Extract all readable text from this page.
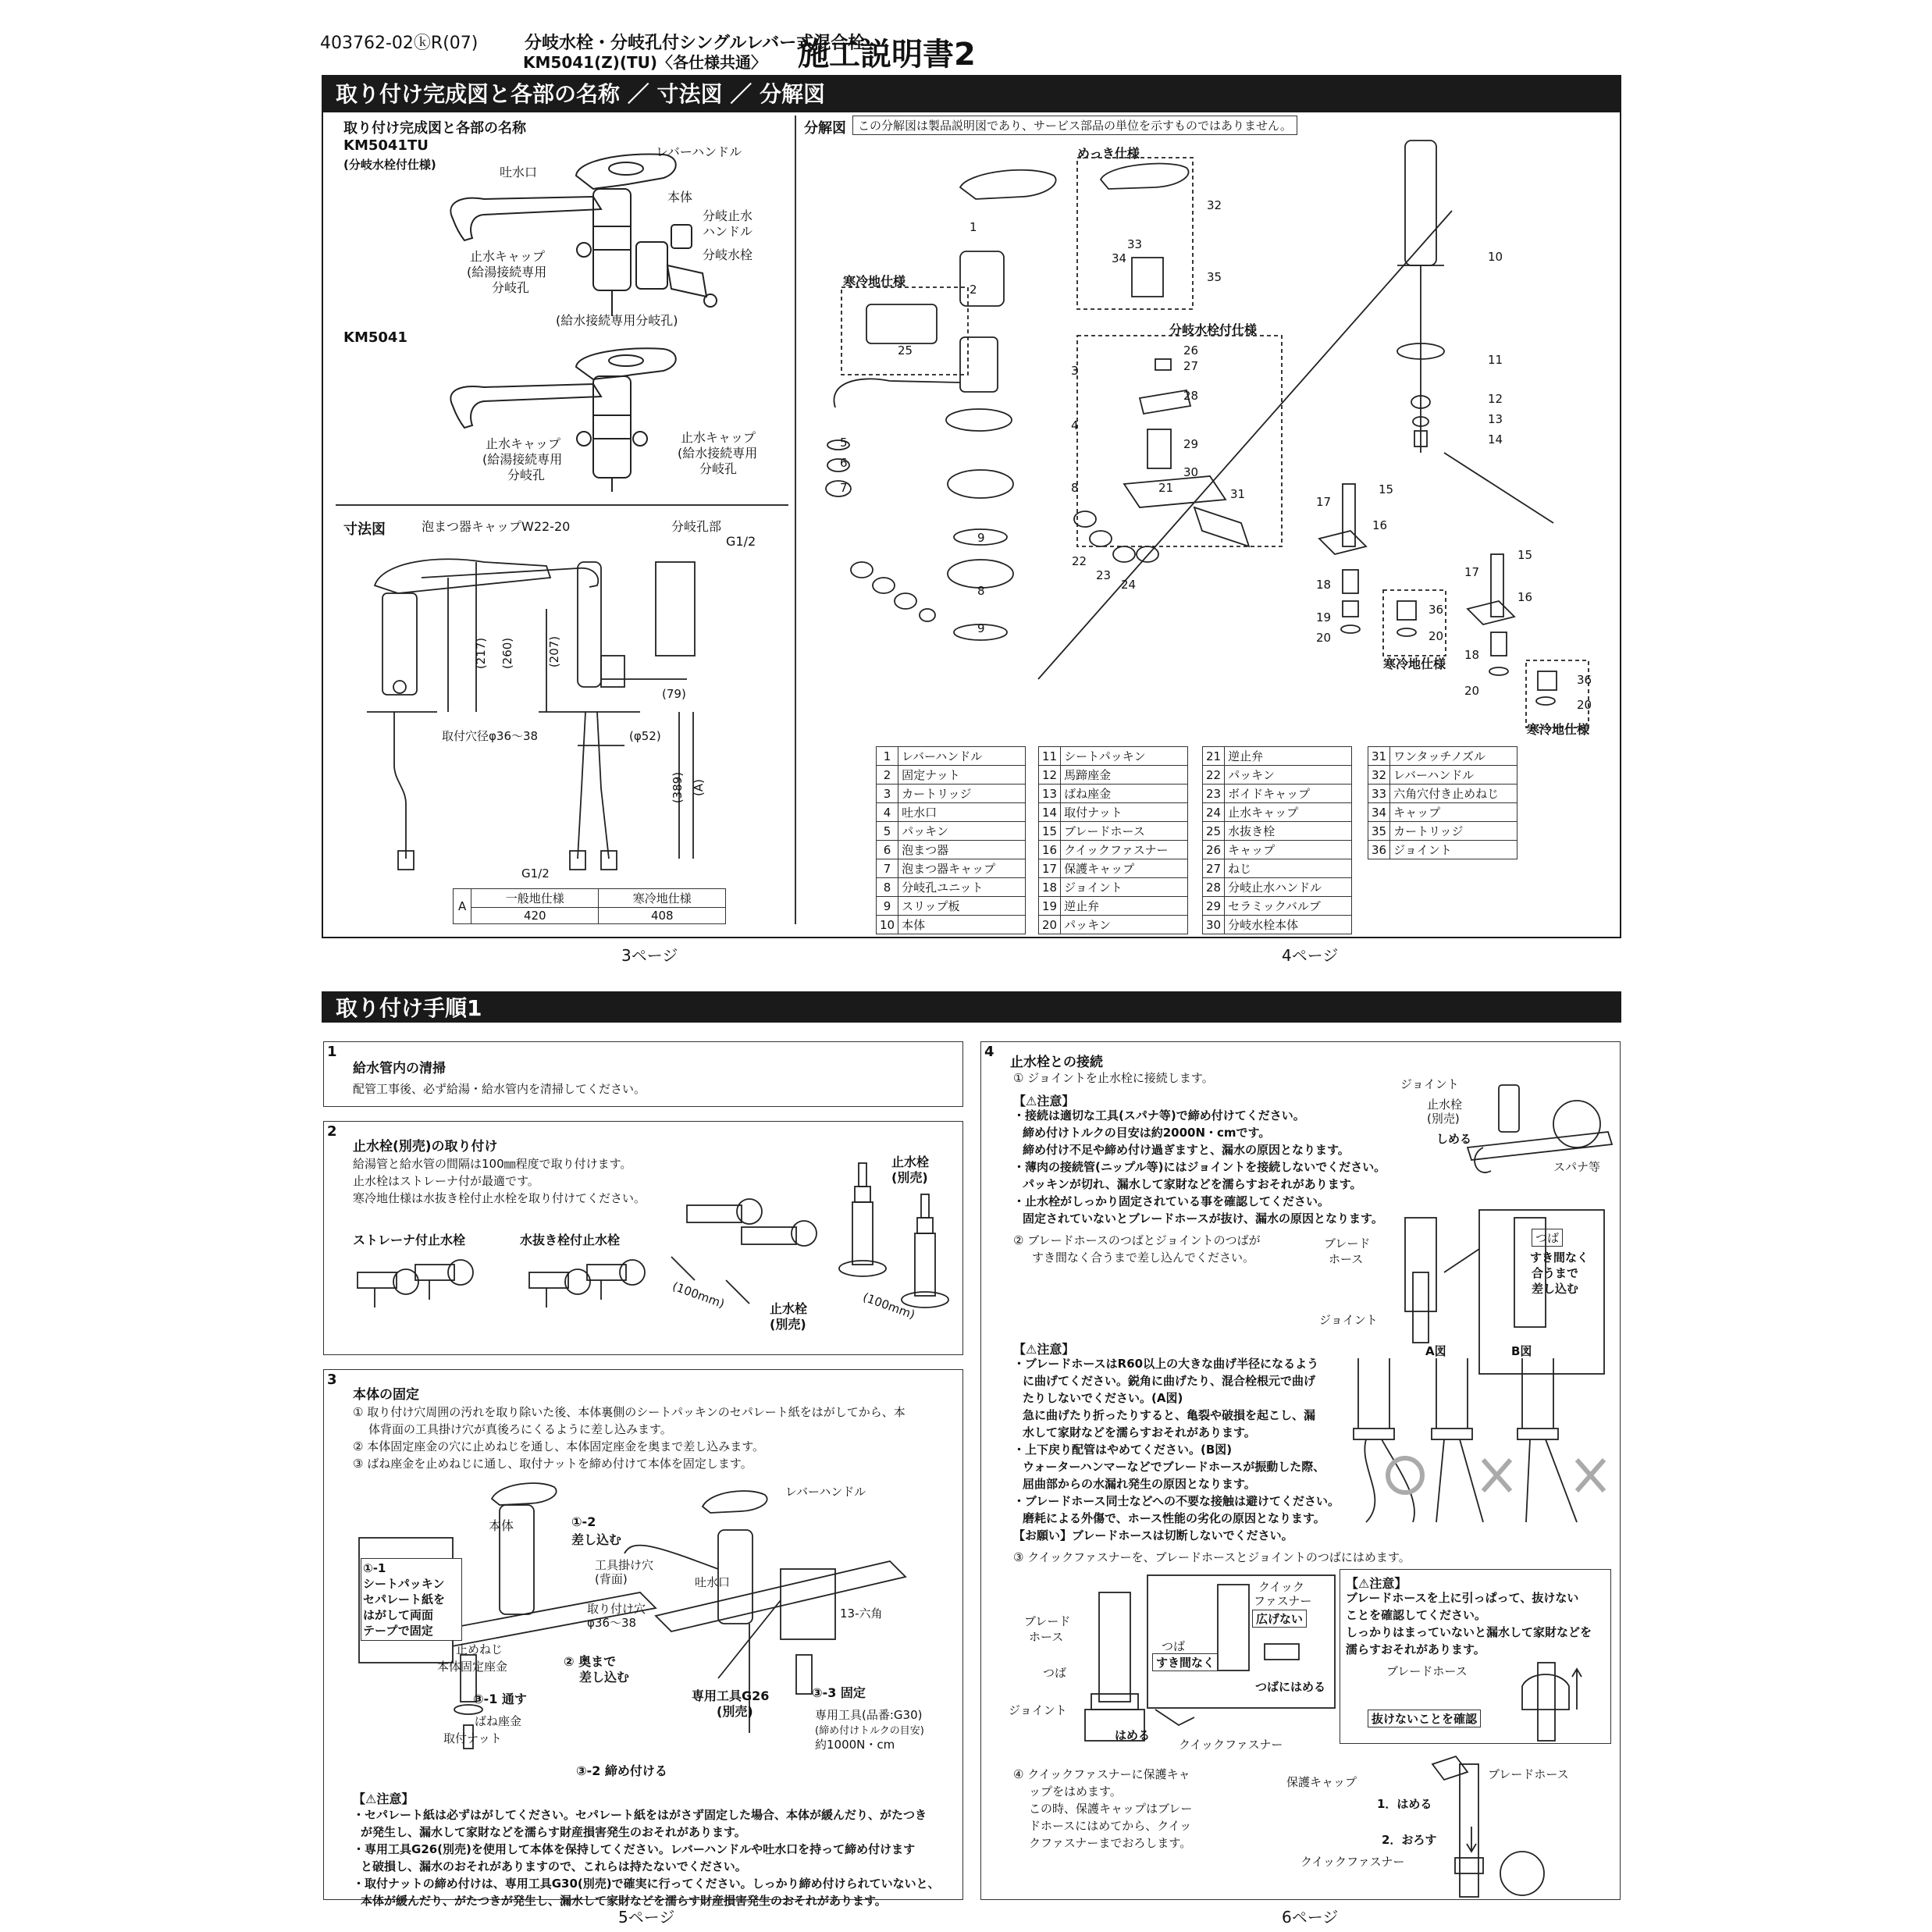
403762-02ⓚR(07)	分岐水栓・分岐孔付シングルレバー式混合栓
KM5041(Z)(TU)〈各仕様共通〉 施工説明書2
取り付け完成図と各部の名称 ／ 寸法図 ／ 分解図
取り付け完成図と各部の名称
KM5041TU
(分岐水栓付仕様)
KM5041
吐水口
レバーハンドル
本体
分岐止水
ハンドル
分岐水栓
止水キャップ
(給湯接続専用
分岐孔
(給水接続専用分岐孔)
止水キャップ
(給湯接続専用
分岐孔
止水キャップ
(給水接続専用
分岐孔
寸法図	泡まつ器キャップW22-20	分岐孔部
G1/2
(217) (260)	(207)
(79)
取付穴径φ36〜38	(φ52)
(389) (A)
G1/2
A	一般地仕様	寒冷地仕様
	420	408
分解図	この分解図は製品説明図であり、サービス部品の単位を示すものではありません。
めっき仕様
寒冷地仕様
分岐水栓付仕様
寒冷地仕様
寒冷地仕様
1
2
3
4
5
6
7	8
9
9
8
10
11
12
13
14
15
16
17
18
19
20
21
22
23
24
25	26
27
28
29
30
31
32
33
34
35
36
20
15
16
17
18
20
36
20
1	レバーハンドル
2	固定ナット
3	カートリッジ
4	吐水口
5	パッキン
6	泡まつ器
7	泡まつ器キャップ
8	分岐孔ユニット
9	スリップ板
10	本体
11	シートパッキン
12	馬蹄座金
13	ばね座金
14	取付ナット
15	ブレードホース
16	クイックファスナー
17	保護キャップ
18	ジョイント
19	逆止弁
20	パッキン
21	逆止弁
22	パッキン
23	ボイドキャップ
24	止水キャップ
25	水抜き栓
26	キャップ
27	ねじ
28	分岐止水ハンドル
29	セラミックバルブ
30	分岐水栓本体
31	ワンタッチノズル
32	レバーハンドル
33	六角穴付き止めねじ
34	キャップ
35	カートリッジ
36	ジョイント
3ページ	4ページ
取り付け手順1
1
給水管内の清掃
配管工事後、必ず給湯・給水管内を清掃してください。
2
止水栓(別売)の取り付け
給湯管と給水管の間隔は100㎜程度で取り付けます。
止水栓はストレーナ付が最適です。
寒冷地仕様は水抜き栓付止水栓を取り付けてください。
ストレーナ付止水栓	水抜き栓付止水栓
止水栓
(別売)
止水栓
(別売)
(100mm)	(100mm)
3
本体の固定
① 取り付け穴周囲の汚れを取り除いた後、本体裏側のシートパッキンのセパレート紙をはがしてから、本
体背面の工具掛け穴が真後ろにくるように差し込みます。
② 本体固定座金の穴に止めねじを通し、本体固定座金を奥まで差し込みます。
③ ばね座金を止めねじに通し、取付ナットを締め付けて本体を固定します。
本体	①-2
差し込む
工具掛け穴
(背面)
①-1
シートパッキン
セパレート紙を
はがして両面
テープで固定
取り付け穴
φ36〜38
止めねじ
本体固定座金	② 奥まで
差し込む
③-1 通す
ばね座金
取付ナット
③-2 締め付ける
レバーハンドル
吐水口
13-六角
専用工具G26
(別売)
③-3 固定
専用工具(品番:G30)
(締め付けトルクの目安)
約1000N・cm
【⚠注意】
・セパレート紙は必ずはがしてください。セパレート紙をはがさず固定した場合、本体が緩んだり、がたつき
が発生し、漏水して家財などを濡らす財産損害発生のおそれがあります。
・専用工具G26(別売)を使用して本体を保持してください。レバーハンドルや吐水口を持って締め付けます
と破損し、漏水のおそれがありますので、これらは持たないでください。
・取付ナットの締め付けは、専用工具G30(別売)で確実に行ってください。しっかり締め付けられていないと、
本体が緩んだり、がたつきが発生し、漏水して家財などを濡らす財産損害発生のおそれがあります。
4
止水栓との接続
① ジョイントを止水栓に接続します。
【⚠注意】
・接続は適切な工具(スパナ等)で締め付けてください。
締め付けトルクの目安は約2000N・cmです。
締め付け不足や締め付け過ぎますと、漏水の原因となります。
・薄肉の接続管(ニップル等)にはジョイントを接続しないでください。
パッキンが切れ、漏水して家財などを濡らすおそれがあります。
・止水栓がしっかり固定されている事を確認してください。
固定されていないとブレードホースが抜け、漏水の原因となります。
② ブレードホースのつばとジョイントのつばが
すき間なく合うまで差し込んでください。
ジョイント
止水栓
(別売)
しめる
スパナ等
ブレード
ホース
ジョイント
つば
すき間なく
合うまで
差し込む
【⚠注意】
・ブレードホースはR60以上の大きな曲げ半径になるよう
に曲げてください。鋭角に曲げたり、混合栓根元で曲げ
たりしないでください。(A図)
急に曲げたり折ったりすると、亀裂や破損を起こし、漏
水して家財などを濡らすおそれがあります。
・上下戻り配管はやめてください。(B図)
ウォーターハンマーなどでブレードホースが振動した際、
屈曲部からの水漏れ発生の原因となります。
・ブレードホース同士などへの不要な接触は避けてください。
磨耗による外傷で、ホース性能の劣化の原因となります。
【お願い】ブレードホースは切断しないでください。
A図	B図
③ クイックファスナーを、ブレードホースとジョイントのつばにはめます。
ブレード
ホース
つば
ジョイント
クイック
ファスナー
広げない
つば
すき間なく
つばにはめる
はめる
クイックファスナー
【⚠注意】
ブレードホースを上に引っぱって、抜けない
ことを確認してください。
しっかりはまっていないと漏水して家財などを
濡らすおそれがあります。
ブレードホース
抜けないことを確認
④ クイックファスナーに保護キャ
ップをはめます。
この時、保護キャップはブレー
ドホースにはめてから、クイッ
クファスナーまでおろします。
保護キャップ
ブレードホース
1．はめる
2．おろす
クイックファスナー
5ページ	6ページ
